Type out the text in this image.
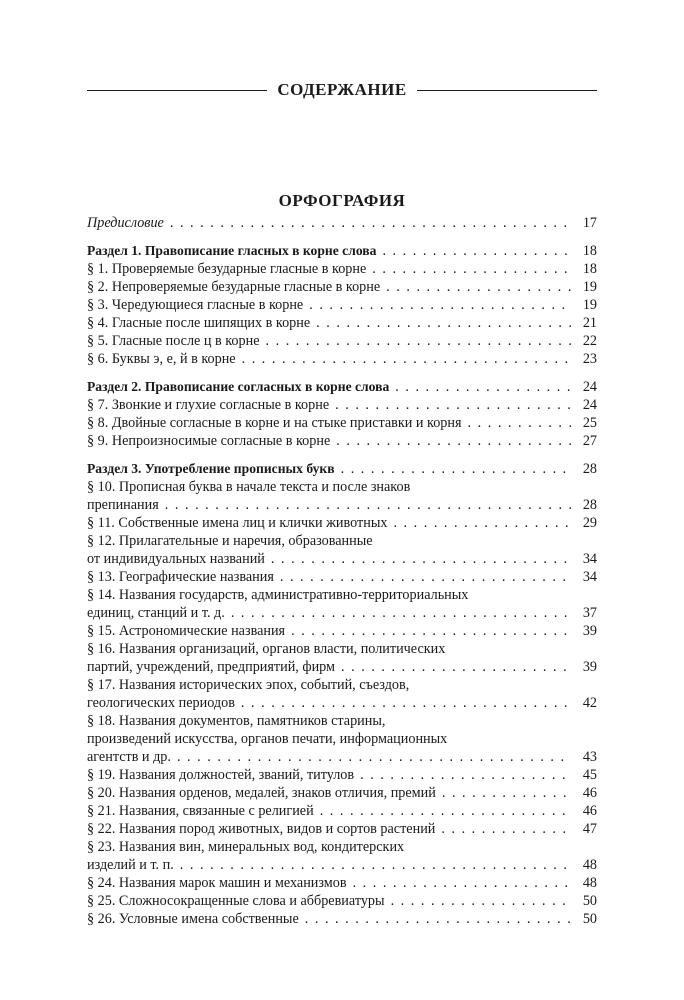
СОДЕРЖАНИЕ
ОРФОГРАФИЯ
Предисловие . . .	17
Раздел 1. Правописание гласных в корне слова . . .	18
§ 1. Проверяемые безударные гласные в корне . . .	18
§ 2. Непроверяемые безударные гласные в корне . . .	19
§ 3. Чередующиеся гласные в корне . . .	19
§ 4. Гласные после шипящих в корне . . .	21
§ 5. Гласные после ц в корне . . .	22
§ 6. Буквы э, е, й в корне . . .	23
Раздел 2. Правописание согласных в корне слова . . .	24
§ 7. Звонкие и глухие согласные в корне . . .	24
§ 8. Двойные согласные в корне и на стыке приставки и корня . . .	25
§ 9. Непроизносимые согласные в корне . . .	27
Раздел 3. Употребление прописных букв . . .	28
§ 10. Прописная буква в начале текста и после знаков
препинания . . .	28
§ 11. Собственные имена лиц и клички животных . . .	29
§ 12. Прилагательные и наречия, образованные
от индивидуальных названий . . .	34
§ 13. Географические названия . . .	34
§ 14. Названия государств, административно-территориальных
единиц, станций и т. д. . . .	37
§ 15. Астрономические названия . . .	39
§ 16. Названия организаций, органов власти, политических
партий, учреждений, предприятий, фирм . . .	39
§ 17. Названия исторических эпох, событий, съездов,
геологических периодов . . .	42
§ 18. Названия документов, памятников старины,
произведений искусства, органов печати, информационных
агентств и др. . . .	43
§ 19. Названия должностей, званий, титулов . . .	45
§ 20. Названия орденов, медалей, знаков отличия, премий . . .	46
§ 21. Названия, связанные с религией . . .	46
§ 22. Названия пород животных, видов и сортов растений . . .	47
§ 23. Названия вин, минеральных вод, кондитерских
изделий и т. п. . . .	48
§ 24. Названия марок машин и механизмов . . .	48
§ 25. Сложносокращенные слова и аббревиатуры . . .	50
§ 26. Условные имена собственные . . .	50
